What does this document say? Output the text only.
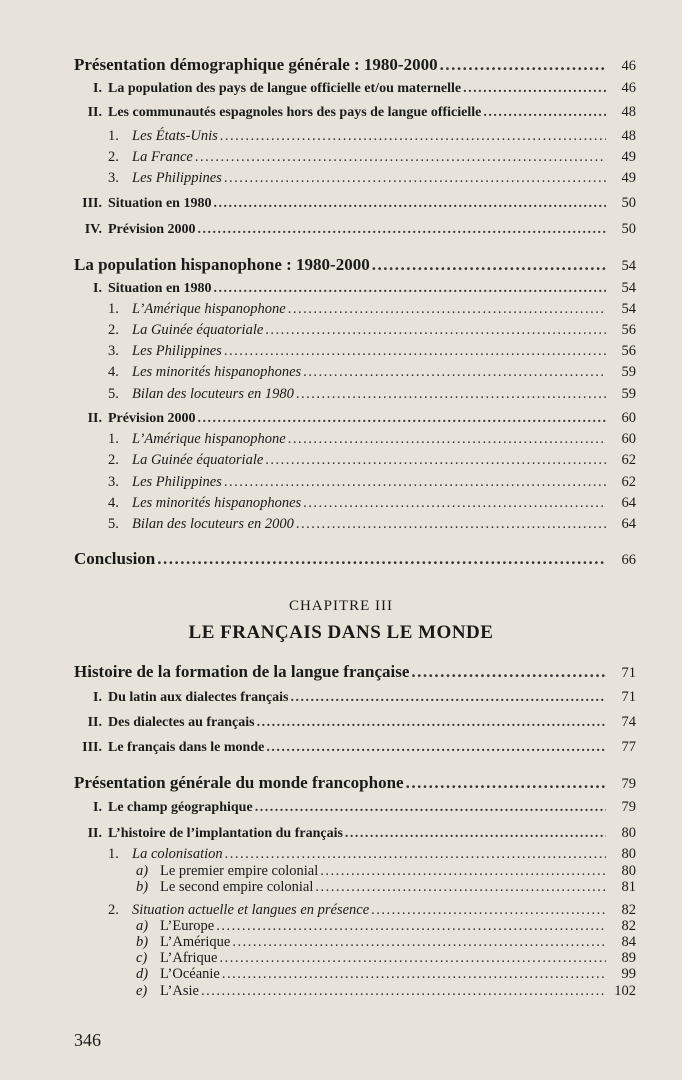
Présentation démographique générale : 1980-2000 .....	46
I. La population des pays de langue officielle et/ou maternelle .....	46
II. Les communautés espagnoles hors des pays de langue officielle .....	48
1. Les États-Unis .....	48
2. La France .....	49
3. Les Philippines .....	49
III. Situation en 1980 .....	50
IV. Prévision 2000 .....	50
La population hispanophone : 1980-2000 .....	54
I. Situation en 1980 .....	54
1. L’Amérique hispanophone .....	54
2. La Guinée équatoriale .....	56
3. Les Philippines .....	56
4. Les minorités hispanophones .....	59
5. Bilan des locuteurs en 1980 .....	59
II. Prévision 2000 .....	60
1. L’Amérique hispanophone .....	60
2. La Guinée équatoriale .....	62
3. Les Philippines .....	62
4. Les minorités hispanophones .....	64
5. Bilan des locuteurs en 2000 .....	64
Conclusion .....	66
Histoire de la formation de la langue française .....	71
I. Du latin aux dialectes français .....	71
II. Des dialectes au français .....	74
III. Le français dans le monde .....	77
Présentation générale du monde francophone .....	79
I. Le champ géographique .....	79
II. L’histoire de l’implantation du français .....	80
1. La colonisation .....	80
a) Le premier empire colonial .....	80
b) Le second empire colonial .....	81
2. Situation actuelle et langues en présence .....	82
a) L’Europe .....	82
b) L’Amérique .....	84
c) L’Afrique .....	89
d) L’Océanie .....	99
e) L’Asie .....	102
CHAPITRE III
LE FRANÇAIS DANS LE MONDE
346
